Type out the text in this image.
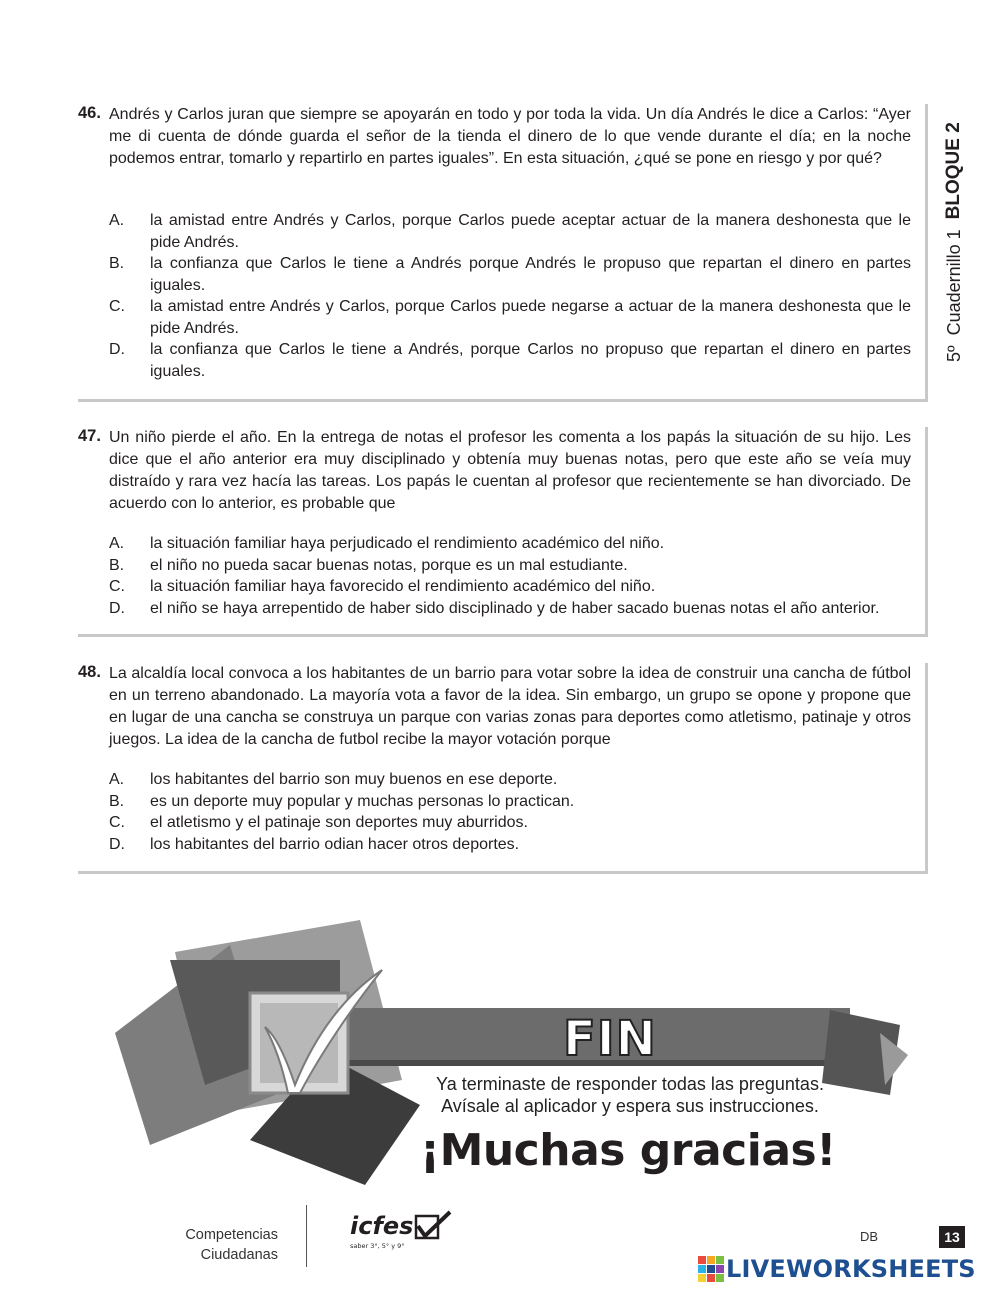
5º
Cuadernillo 1
BLOQUE 2
46. Andrés y Carlos juran que siempre se apoyarán en todo y por toda la vida. Un día Andrés le dice a Carlos: “Ayer me di cuenta de dónde guarda el señor de la tienda el dinero de lo que vende durante el día; en la noche podemos entrar, tomarlo y repartirlo en partes iguales”. En esta situación, ¿qué se pone en riesgo y por qué?
A.	la amistad entre Andrés y Carlos, porque Carlos puede aceptar actuar de la manera deshonesta que le pide Andrés.
B.	la confianza que Carlos le tiene a Andrés porque Andrés le propuso que repartan el dinero en partes iguales.
C.	la amistad entre Andrés y Carlos, porque Carlos puede negarse a actuar de la manera deshonesta que le pide Andrés.
D.	la confianza que Carlos le tiene a Andrés, porque Carlos no propuso que repartan el dinero en partes iguales.
47. Un niño pierde el año. En la entrega de notas el profesor les comenta a los papás la situación de su hijo. Les dice que el año anterior era muy disciplinado y obtenía muy buenas notas, pero que este año se veía muy distraído y rara vez hacía las tareas. Los papás le cuentan al profesor que recientemente se han divorciado. De acuerdo con lo anterior, es probable que
A.	la situación familiar haya perjudicado el rendimiento académico del niño.
B.	el niño no pueda sacar buenas notas, porque es un mal estudiante.
C.	la situación familiar haya favorecido el rendimiento académico del niño.
D.	el niño se haya arrepentido de haber sido disciplinado y de haber sacado buenas notas el año anterior.
48. La alcaldía local convoca a los habitantes de un barrio para votar sobre la idea de construir una cancha de fútbol en un terreno abandonado. La mayoría vota a favor de la idea. Sin embargo, un grupo se opone y propone que en lugar de una cancha se construya un parque con varias zonas para deportes como atletismo, patinaje y otros juegos. La idea de la cancha de futbol recibe la mayor votación porque
A.	los habitantes del barrio son muy buenos en ese deporte.
B.	es un deporte muy popular y muchas personas lo practican.
C.	el atletismo y el patinaje son deportes muy aburridos.
D.	los habitantes del barrio odian hacer otros deportes.
FIN
Ya terminaste de responder todas las preguntas.
Avísale al aplicador y espera sus instrucciones.
¡Muchas gracias!
Competencias
Ciudadanas
icfes
saber 3°, 5° y 9°
DB	13
LIVEWORKSHEETS
